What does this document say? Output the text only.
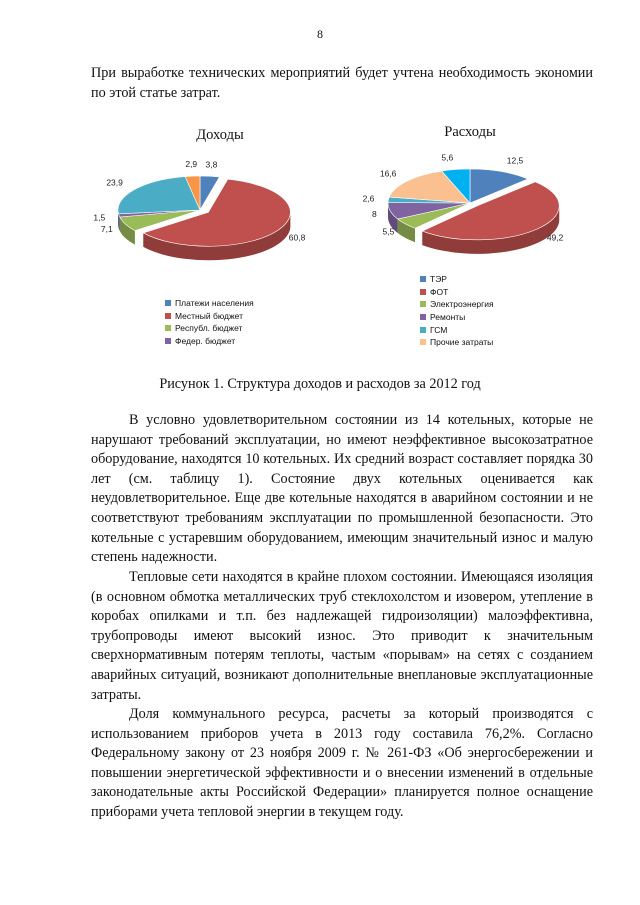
8

При выработке технических мероприятий будет учтена необходимость экономии по этой статье затрат.

Доходы
3,8
60,8
7,1
1,5
23,9
2,9
Платежи населения
Местный бюджет
Республ. бюджет
Федер. бюджет
Расходы
12,5
49,2
5,5
8
2,6
16,6
5,6
ТЭР
ФОТ
Электроэнергия
Ремонты
ГСМ
Прочие затраты
Рисунок 1. Структура доходов и расходов за 2012 год

В условно удовлетворительном состоянии из 14 котельных, которые не нарушают требований эксплуатации, но имеют неэффективное высокозатратное оборудование, находятся 10 котельных. Их средний возраст составляет порядка 30 лет (см. таблицу 1). Состояние двух котельных оценивается как неудовлетворительное. Еще две котельные находятся в аварийном состоянии и не соответствуют требованиям эксплуатации по промышленной безопасности. Это котельные с устаревшим оборудованием, имеющим значительный износ и малую степень надежности.

Тепловые сети находятся в крайне плохом состоянии. Имеющаяся изоляция (в основном обмотка металлических труб стеклохолстом и изовером, утепление в коробах опилками и т.п. без надлежащей гидроизоляции) малоэффективна, трубопроводы имеют высокий износ. Это приводит к значительным сверхнормативным потерям теплоты, частым «порывам» на сетях с созданием аварийных ситуаций, возникают дополнительные внеплановые эксплуатационные затраты.

Доля коммунального ресурса, расчеты за который производятся с использованием приборов учета в 2013 году составила 76,2%. Согласно Федеральному закону от 23 ноября 2009 г. № 261-ФЗ «Об энергосбережении и повышении энергетической эффективности и о внесении изменений в отдельные законодательные акты Российской Федерации» планируется полное оснащение приборами учета тепловой энергии в текущем году.
